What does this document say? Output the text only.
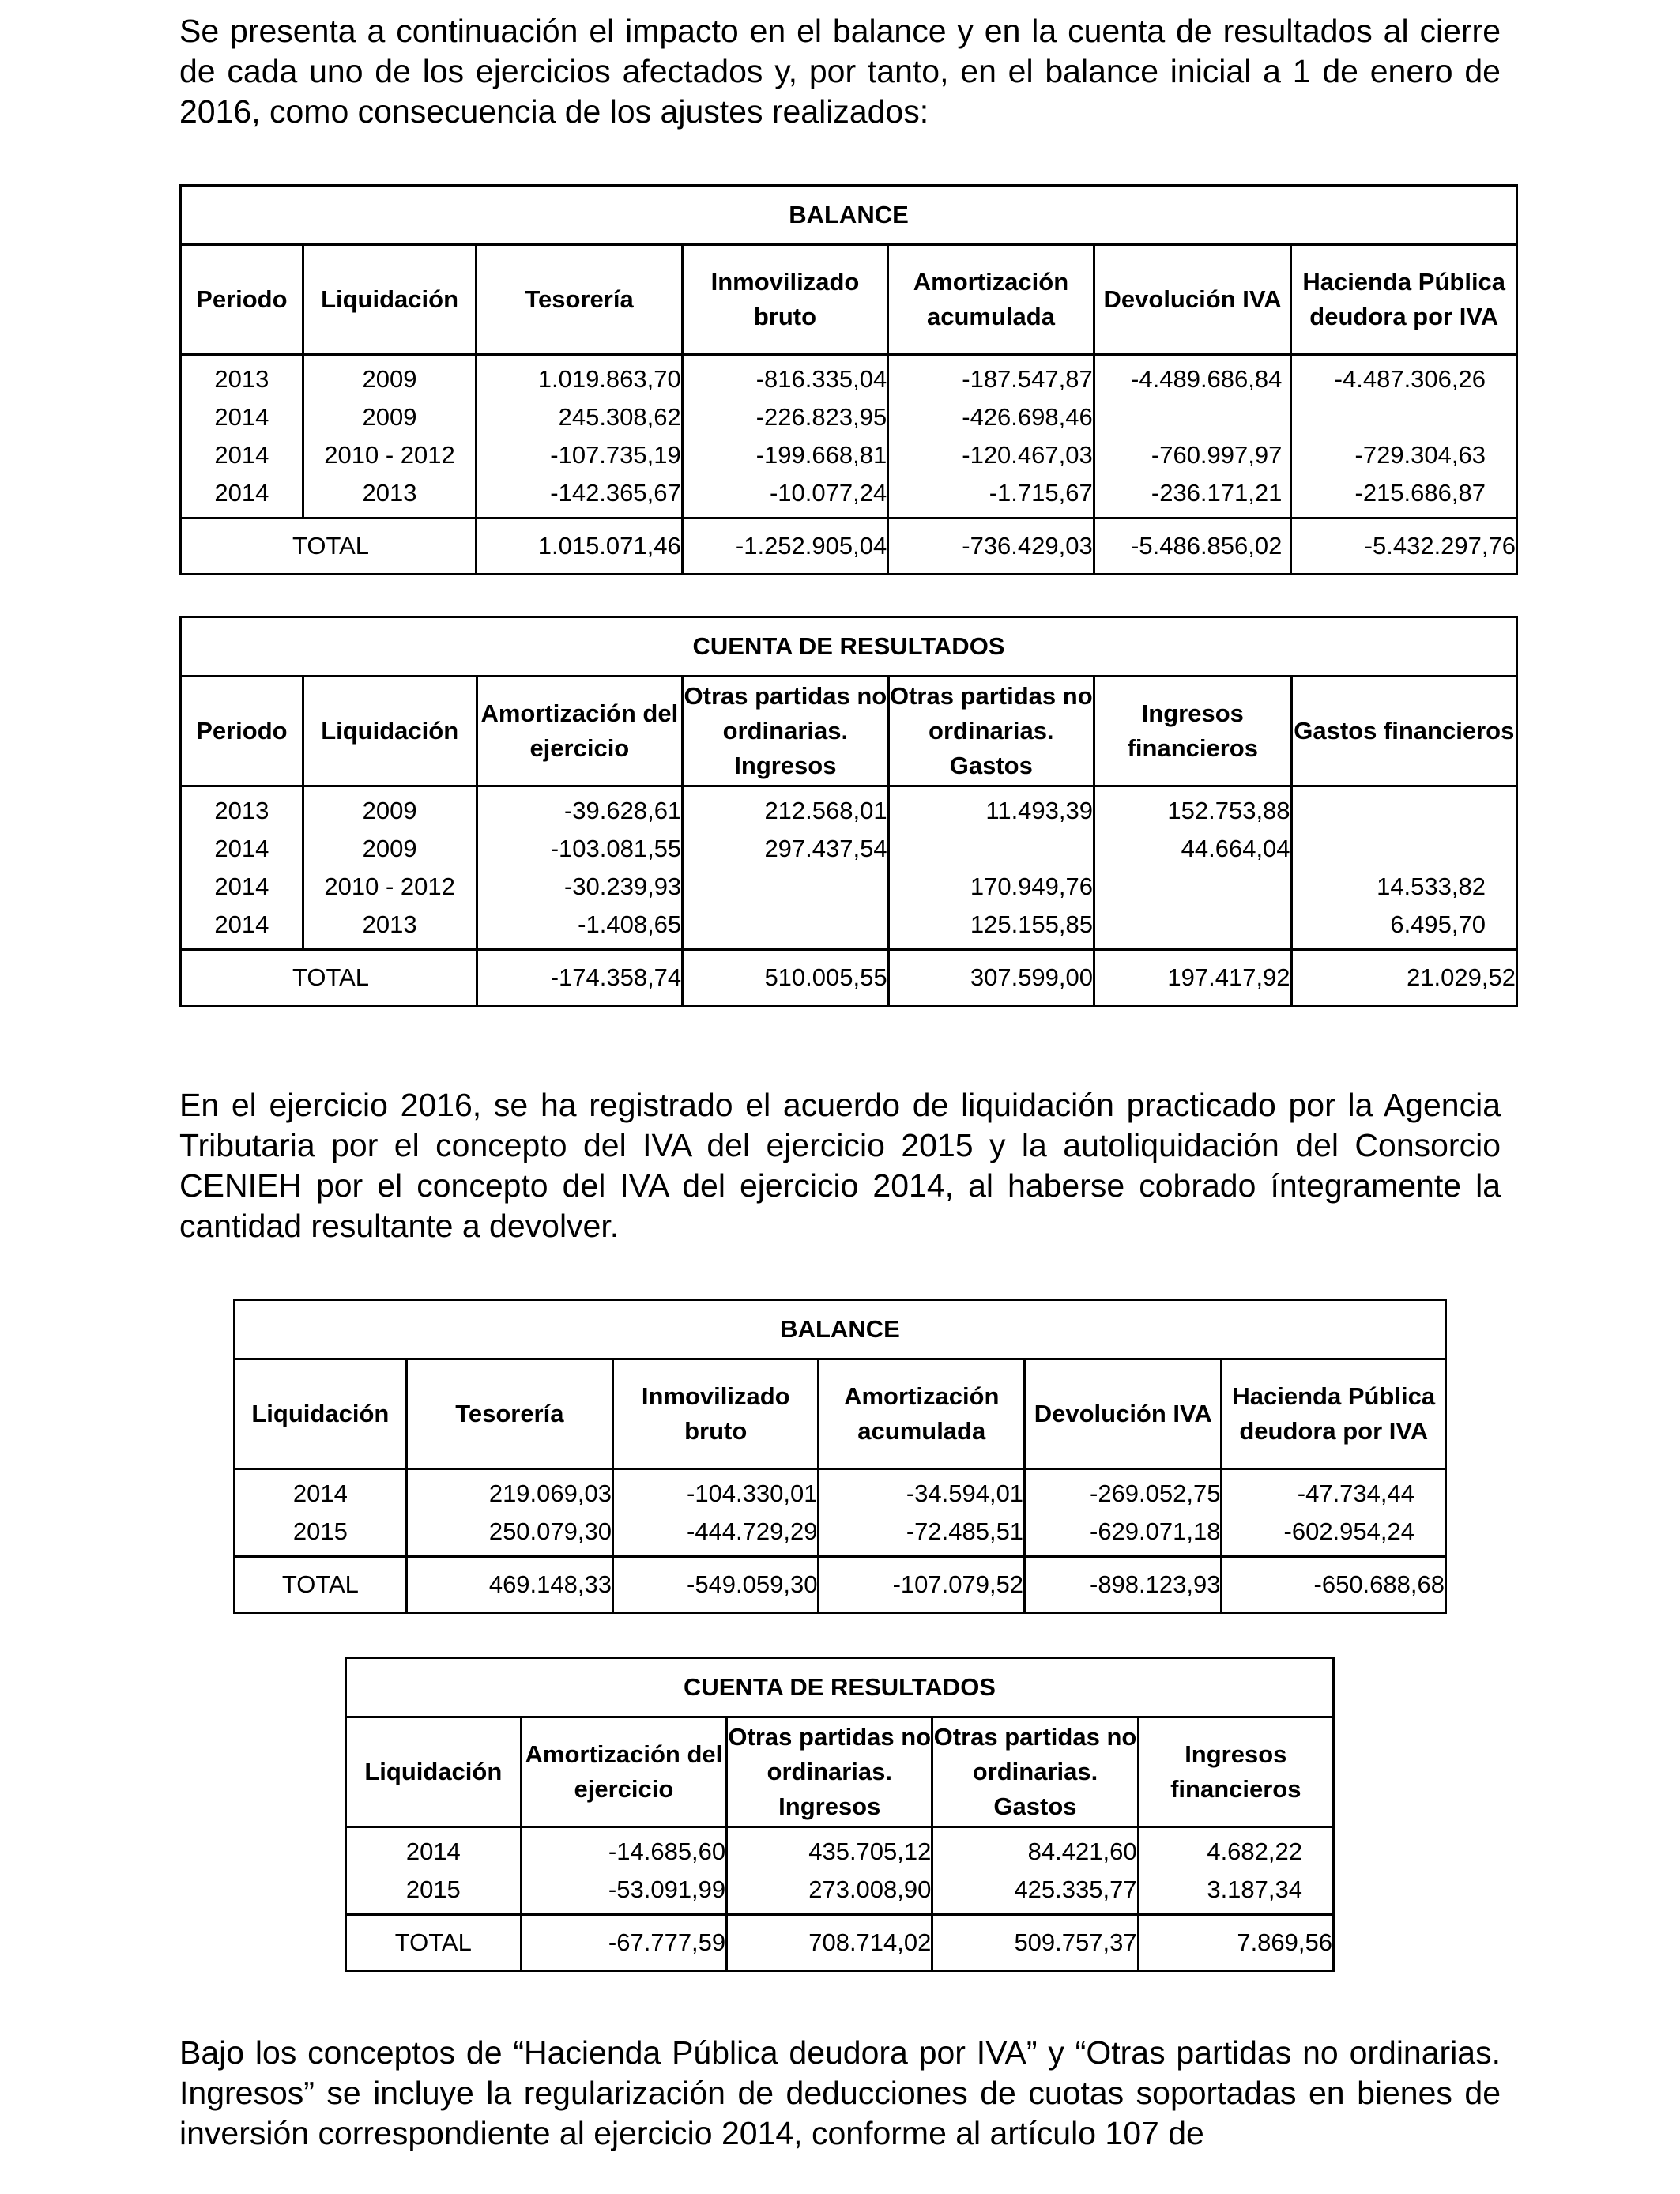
Se presenta a continuación el impacto en el balance y en la cuenta de resultados al cierre de cada uno de los ejercicios afectados y, por tanto, en el balance inicial a 1 de enero de 2016, como consecuencia de los ajustes realizados:

BALANCE						
Periodo	Liquidación	Tesorería	Inmovilizado bruto	Amortización acumulada	Devolución IVA	Hacienda Pública deudora por IVA
2013	2009	1.019.863,70	-816.335,04	-187.547,87	-4.489.686,84	-4.487.306,26
2014	2009	245.308,62	-226.823,95	-426.698,46		
2014	2010 - 2012	-107.735,19	-199.668,81	-120.467,03	-760.997,97	-729.304,63
2014	2013	-142.365,67	-10.077,24	-1.715,67	-236.171,21	-215.686,87
TOTAL		1.015.071,46	-1.252.905,04	-736.429,03	-5.486.856,02	-5.432.297,76
CUENTA DE RESULTADOS						
Periodo	Liquidación	Amortización del ejercicio	Otras partidas no ordinarias. Ingresos	Otras partidas no ordinarias. Gastos	Ingresos financieros	Gastos financieros
2013	2009	-39.628,61	212.568,01	11.493,39	152.753,88	
2014	2009	-103.081,55	297.437,54		44.664,04	
2014	2010 - 2012	-30.239,93		170.949,76		14.533,82
2014	2013	-1.408,65		125.155,85		6.495,70
TOTAL		-174.358,74	510.005,55	307.599,00	197.417,92	21.029,52

En el ejercicio 2016, se ha registrado el acuerdo de liquidación practicado por la Agencia Tributaria por el concepto del IVA del ejercicio 2015 y la autoliquidación del Consorcio CENIEH por el concepto del IVA del ejercicio 2014, al haberse cobrado íntegramente la cantidad resultante a devolver.

BALANCE					
Liquidación	Tesorería	Inmovilizado bruto	Amortización acumulada	Devolución IVA	Hacienda Pública deudora por IVA
2014	219.069,03	-104.330,01	-34.594,01	-269.052,75	-47.734,44
2015	250.079,30	-444.729,29	-72.485,51	-629.071,18	-602.954,24
TOTAL	469.148,33	-549.059,30	-107.079,52	-898.123,93	-650.688,68
CUENTA DE RESULTADOS				
Liquidación	Amortización del ejercicio	Otras partidas no ordinarias. Ingresos	Otras partidas no ordinarias. Gastos	Ingresos financieros
2014	-14.685,60	435.705,12	84.421,60	4.682,22
2015	-53.091,99	273.008,90	425.335,77	3.187,34
TOTAL	-67.777,59	708.714,02	509.757,37	7.869,56

Bajo los conceptos de “Hacienda Pública deudora por IVA” y “Otras partidas no ordinarias. Ingresos” se incluye la regularización de deducciones de cuotas soportadas en bienes de inversión correspondiente al ejercicio 2014, conforme al artículo 107 de
